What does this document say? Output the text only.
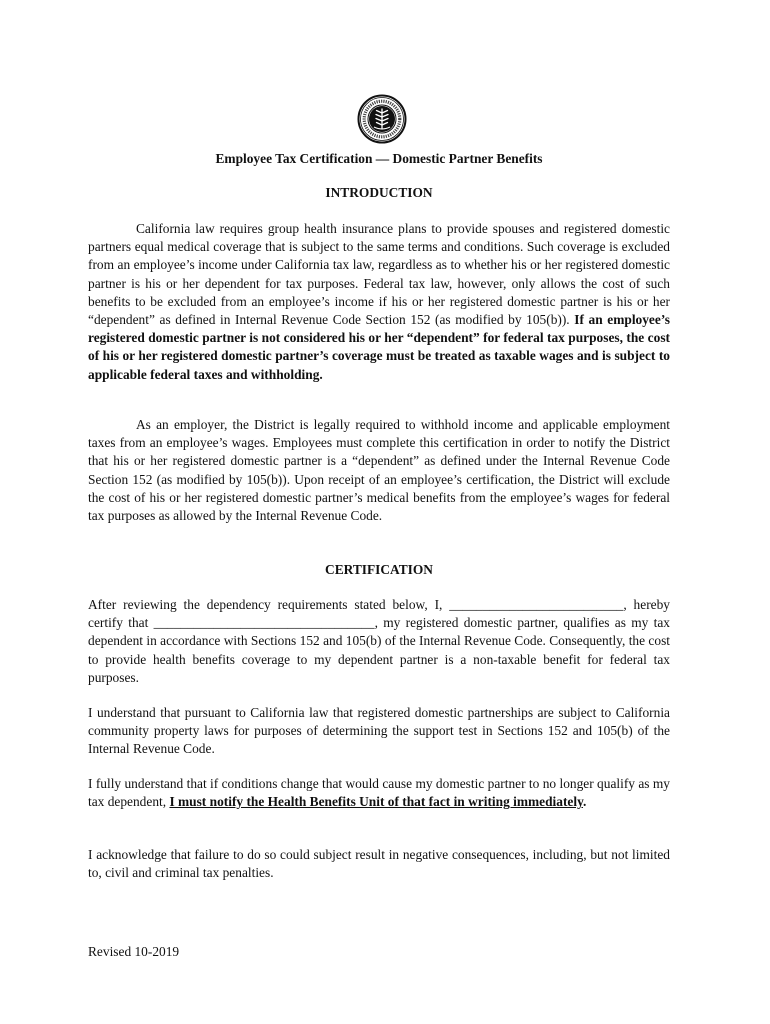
Employee Tax Certification — Domestic Partner Benefits
INTRODUCTION

California law requires group health insurance plans to provide spouses and registered domestic partners equal medical coverage that is subject to the same terms and conditions. Such coverage is excluded from an employee’s income under California tax law, regardless as to whether his or her registered domestic partner is his or her dependent for tax purposes. Federal tax law, however, only allows the cost of such benefits to be excluded from an employee’s income if his or her registered domestic partner is his or her “dependent” as defined in Internal Revenue Code Section 152 (as modified by 105(b)). If an employee’s registered domestic partner is not considered his or her “dependent” for federal tax purposes, the cost of his or her registered domestic partner’s coverage must be treated as taxable wages and is subject to applicable federal taxes and withholding.

As an employer, the District is legally required to withhold income and applicable employment taxes from an employee’s wages. Employees must complete this certification in order to notify the District that his or her registered domestic partner is a “dependent” as defined under the Internal Revenue Code Section 152 (as modified by 105(b)). Upon receipt of an employee’s certification, the District will exclude the cost of his or her registered domestic partner’s medical benefits from the employee’s wages for federal tax purposes as allowed by the Internal Revenue Code.

CERTIFICATION

After reviewing the dependency requirements stated below, I, __________________________, hereby certify that _________________________________, my registered domestic partner, qualifies as my tax dependent in accordance with Sections 152 and 105(b) of the Internal Revenue Code. Consequently, the cost to provide health benefits coverage to my dependent partner is a non-taxable benefit for federal tax purposes.

I understand that pursuant to California law that registered domestic partnerships are subject to California community property laws for purposes of determining the support test in Sections 152 and 105(b) of the Internal Revenue Code.

I fully understand that if conditions change that would cause my domestic partner to no longer qualify as my tax dependent, I must notify the Health Benefits Unit of that fact in writing immediately.

I acknowledge that failure to do so could subject result in negative consequences, including, but not limited to, civil and criminal tax penalties.

Revised 10-2019
